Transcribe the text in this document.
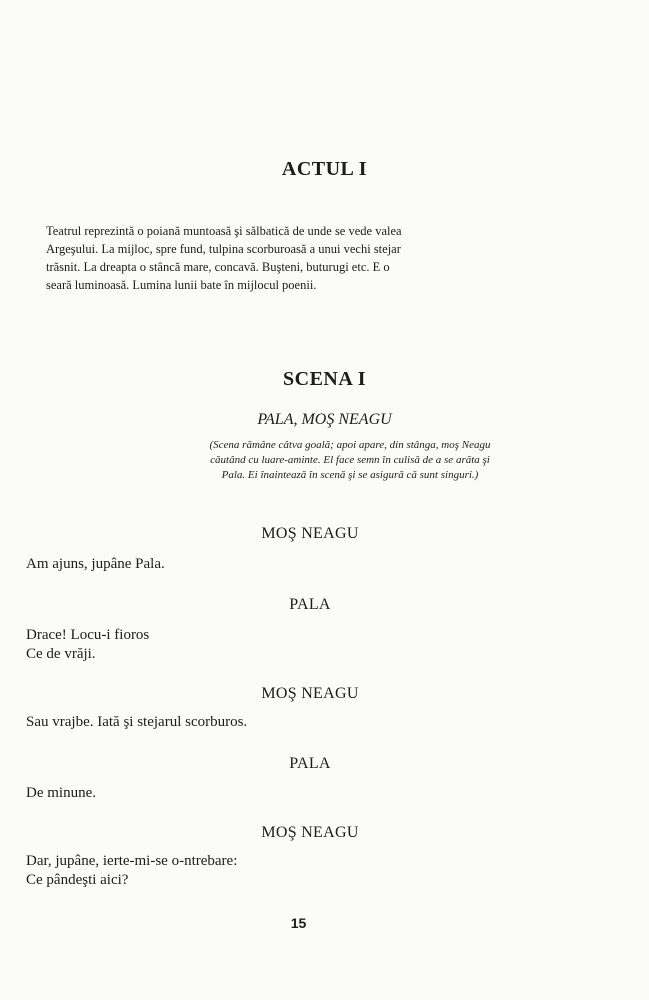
ACTUL I
Teatrul reprezintă o poiană muntoasă şi sălbatică de unde se vede valea
Argeşului. La mijloc, spre fund, tulpina scorburoasă a unui vechi stejar
trăsnit. La dreapta o stâncă mare, concavă. Buşteni, buturugi etc. E o
seară luminoasă. Lumina lunii bate în mijlocul poenii.
SCENA I
PALA, MOŞ NEAGU
(Scena rămâne câtva goală; apoi apare, din stânga, moş Neagu
căutând cu luare-aminte. El face semn în culisă de a se arăta şi
Pala. Ei înaintează în scenă şi se asigură că sunt singuri.)
MOŞ NEAGU
Am ajuns, jupâne Pala.
PALA
Drace! Locu-i fioros
Ce de vrăji.
MOŞ NEAGU
Sau vrajbe. Iată şi stejarul scorburos.
PALA
De minune.
MOŞ NEAGU
Dar, jupâne, ierte-mi-se o-ntrebare:
Ce pândeşti aici?
15
